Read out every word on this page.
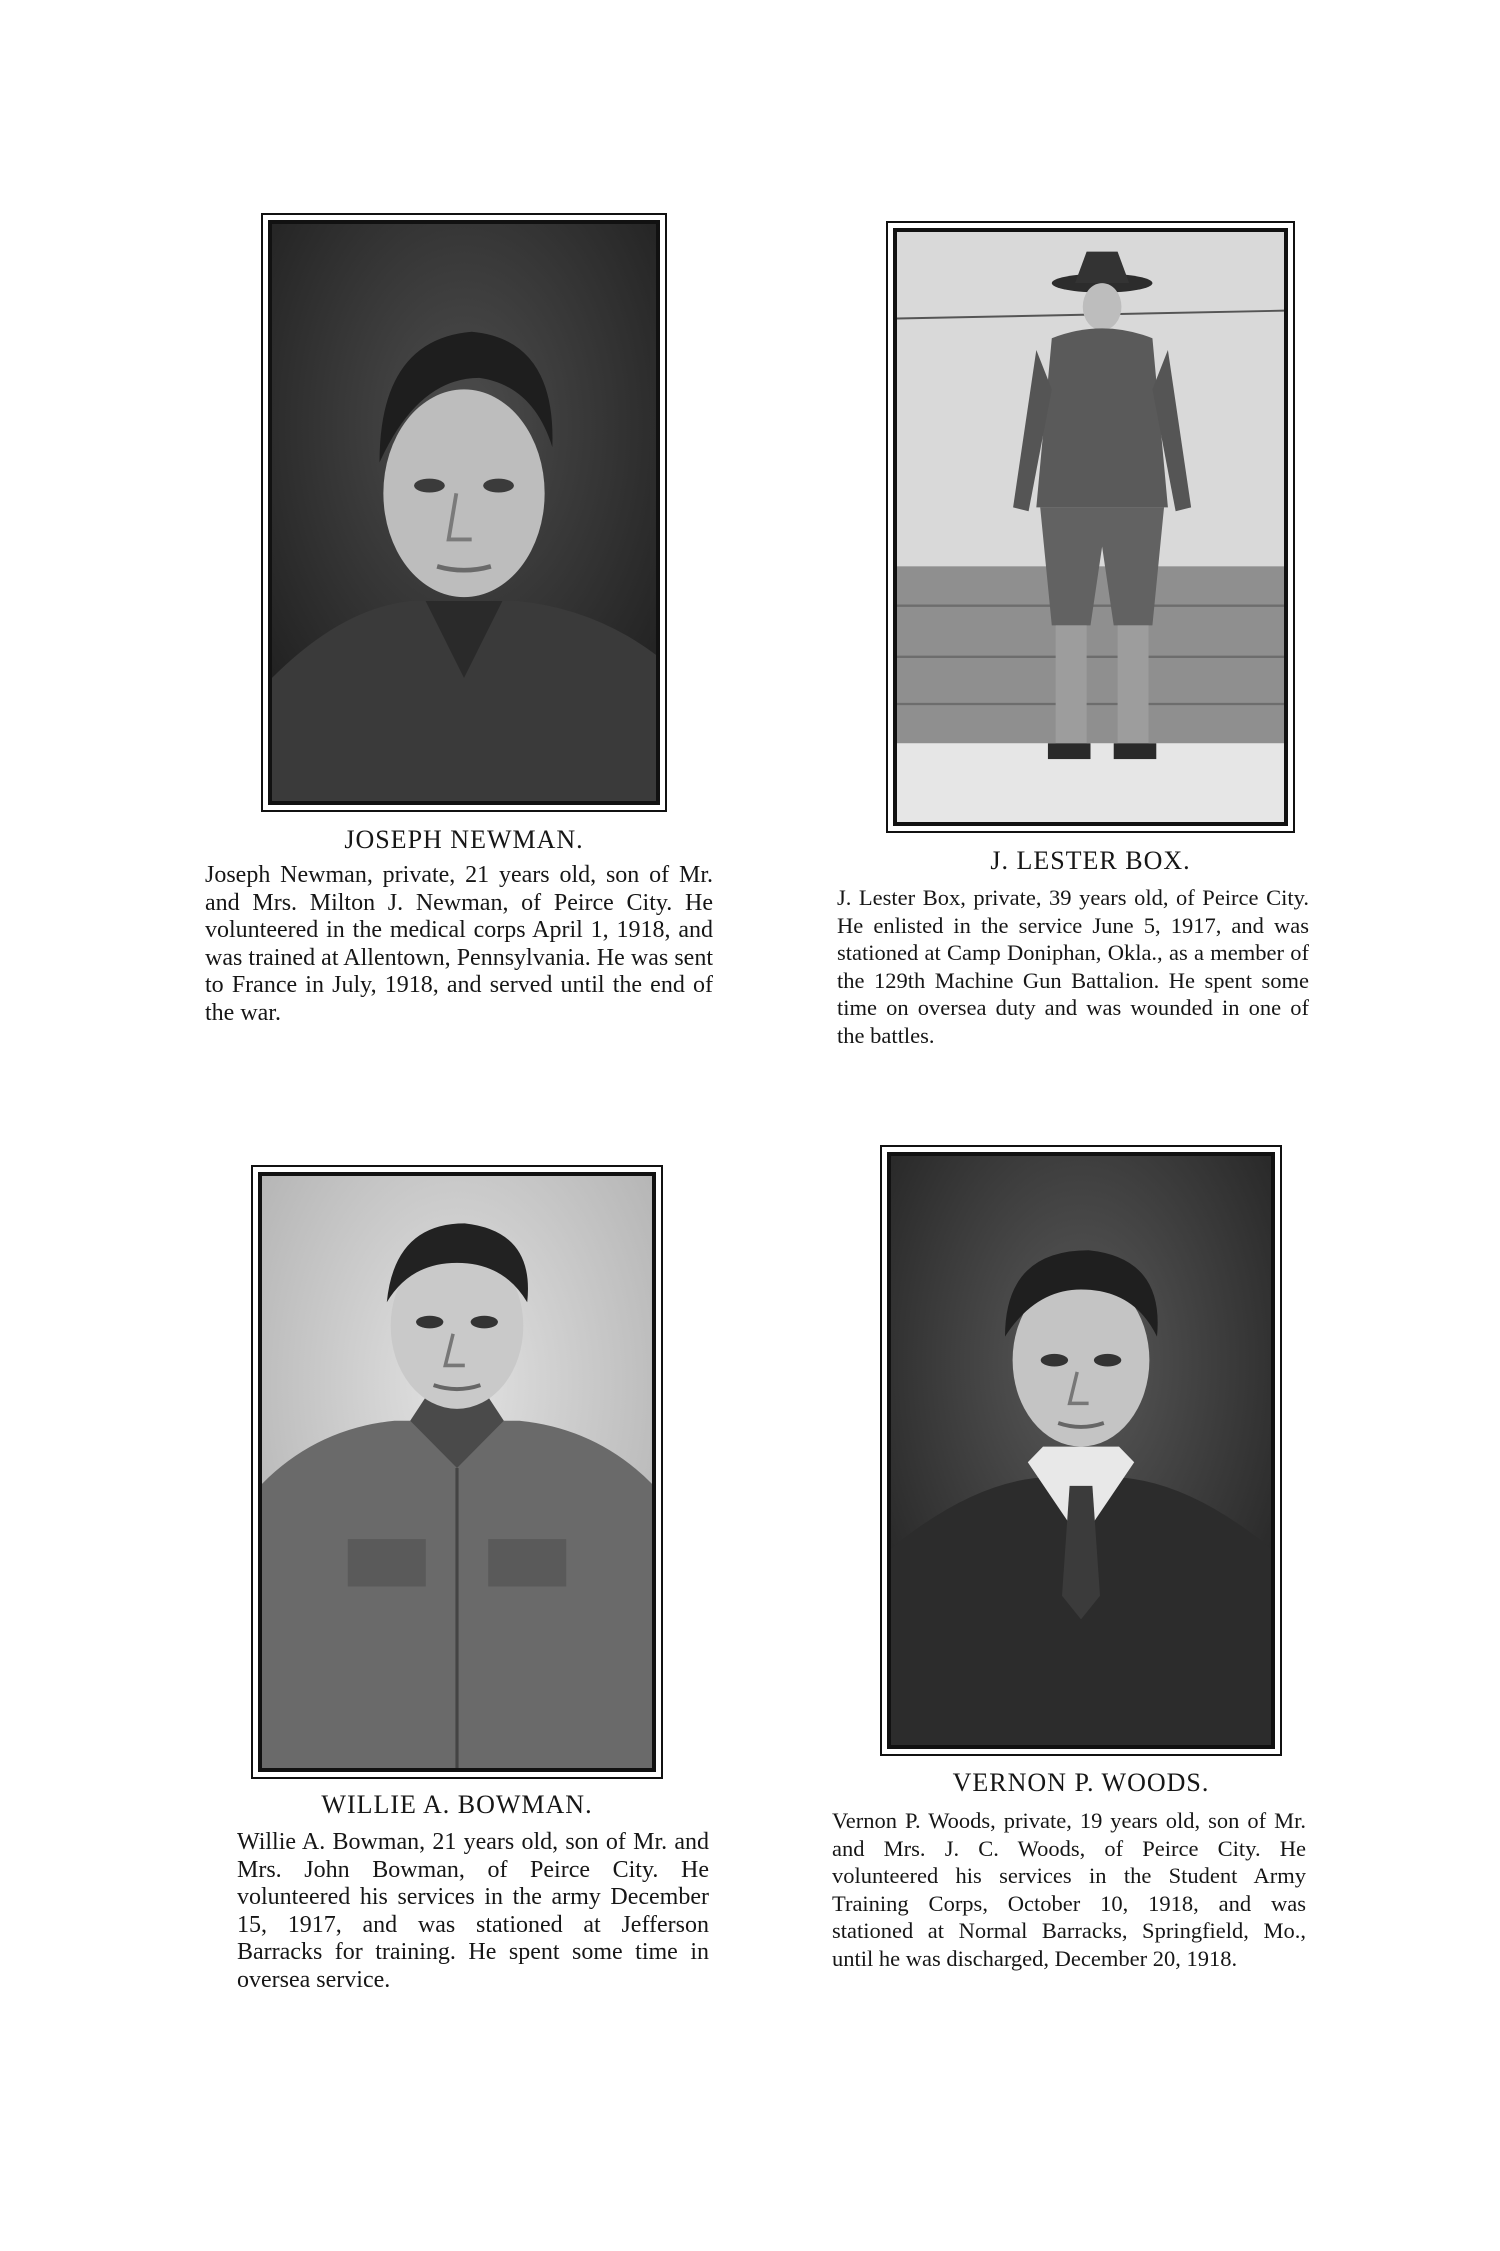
JOSEPH NEWMAN.
Joseph Newman, private, 21 years old, son of Mr. and Mrs. Milton J. Newman, of Peirce City. He volunteered in the medical corps April 1, 1918, and was trained at Allentown, Pennsylvania. He was sent to France in July, 1918, and served until the end of the war.
J. LESTER BOX.
J. Lester Box, private, 39 years old, of Peirce City. He enlisted in the service June 5, 1917, and was stationed at Camp Doniphan, Okla., as a member of the 129th Machine Gun Battalion. He spent some time on oversea duty and was wounded in one of the battles.
WILLIE A. BOWMAN.
Willie A. Bowman, 21 years old, son of Mr. and Mrs. John Bowman, of Peirce City. He volunteered his services in the army December 15, 1917, and was stationed at Jefferson Barracks for training. He spent some time in oversea service.
VERNON P. WOODS.
Vernon P. Woods, private, 19 years old, son of Mr. and Mrs. J. C. Woods, of Peirce City. He volunteered his services in the Student Army Training Corps, October 10, 1918, and was stationed at Normal Barracks, Springfield, Mo., until he was discharged, December 20, 1918.
